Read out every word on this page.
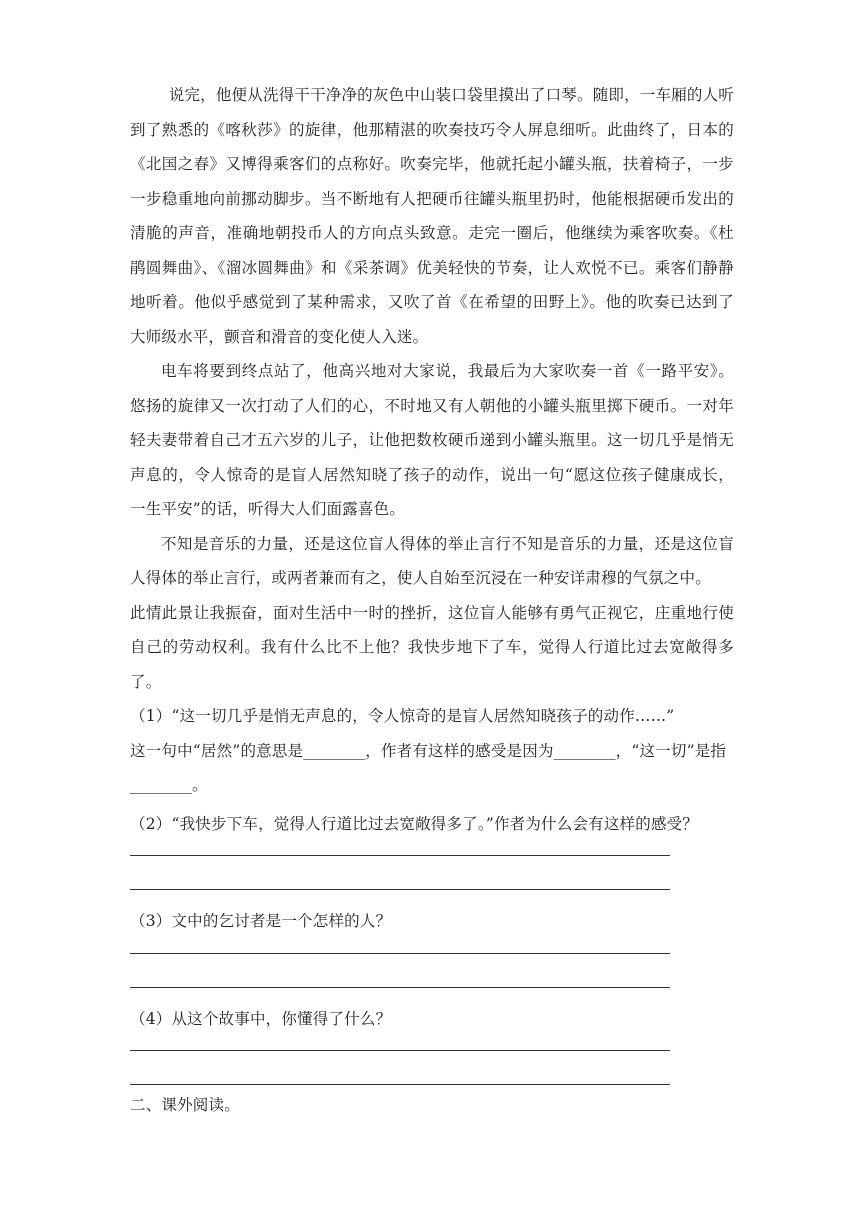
说完，他便从洗得干干净净的灰色中山装口袋里摸出了口琴。随即，一车厢的人听到了熟悉的《喀秋莎》的旋律，他那精湛的吹奏技巧令人屏息细听。此曲终了，日本的《北国之春》又博得乘客们的点称好。吹奏完毕，他就托起小罐头瓶，扶着椅子，一步一步稳重地向前挪动脚步。当不断地有人把硬币往罐头瓶里扔时，他能根据硬币发出的清脆的声音，准确地朝投币人的方向点头致意。走完一圈后，他继续为乘客吹奏。《杜鹃圆舞曲》、《溜冰圆舞曲》和《采茶调》优美轻快的节奏，让人欢悦不已。乘客们静静地听着。他似乎感觉到了某种需求，又吹了首《在希望的田野上》。他的吹奏已达到了大师级水平，颤音和滑音的变化使人入迷。

电车将要到终点站了，他高兴地对大家说，我最后为大家吹奏一首《一路平安》。悠扬的旋律又一次打动了人们的心，不时地又有人朝他的小罐头瓶里掷下硬币。一对年轻夫妻带着自己才五六岁的儿子，让他把数枚硬币递到小罐头瓶里。这一切几乎是悄无声息的，令人惊奇的是盲人居然知晓了孩子的动作，说出一句“愿这位孩子健康成长，一生平安”的话，听得大人们面露喜色。

不知是音乐的力量，还是这位盲人得体的举止言行不知是音乐的力量，还是这位盲人得体的举止言行，或两者兼而有之，使人自始至沉浸在一种安详肃穆的气氛之中。

此情此景让我振奋，面对生活中一时的挫折，这位盲人能够有勇气正视它，庄重地行使自己的劳动权利。我有什么比不上他？我快步地下了车，觉得人行道比过去宽敞得多了。

（1）“这一切几乎是悄无声息的，令人惊奇的是盲人居然知晓孩子的动作……”

这一句中“居然”的意思是________，作者有这样的感受是因为________，“这一切”是指
________。

（2）“我快步下车，觉得人行道比过去宽敞得多了。”作者为什么会有这样的感受？

（3）文中的乞讨者是一个怎样的人？

（4）从这个故事中，你懂得了什么？

二、课外阅读。
